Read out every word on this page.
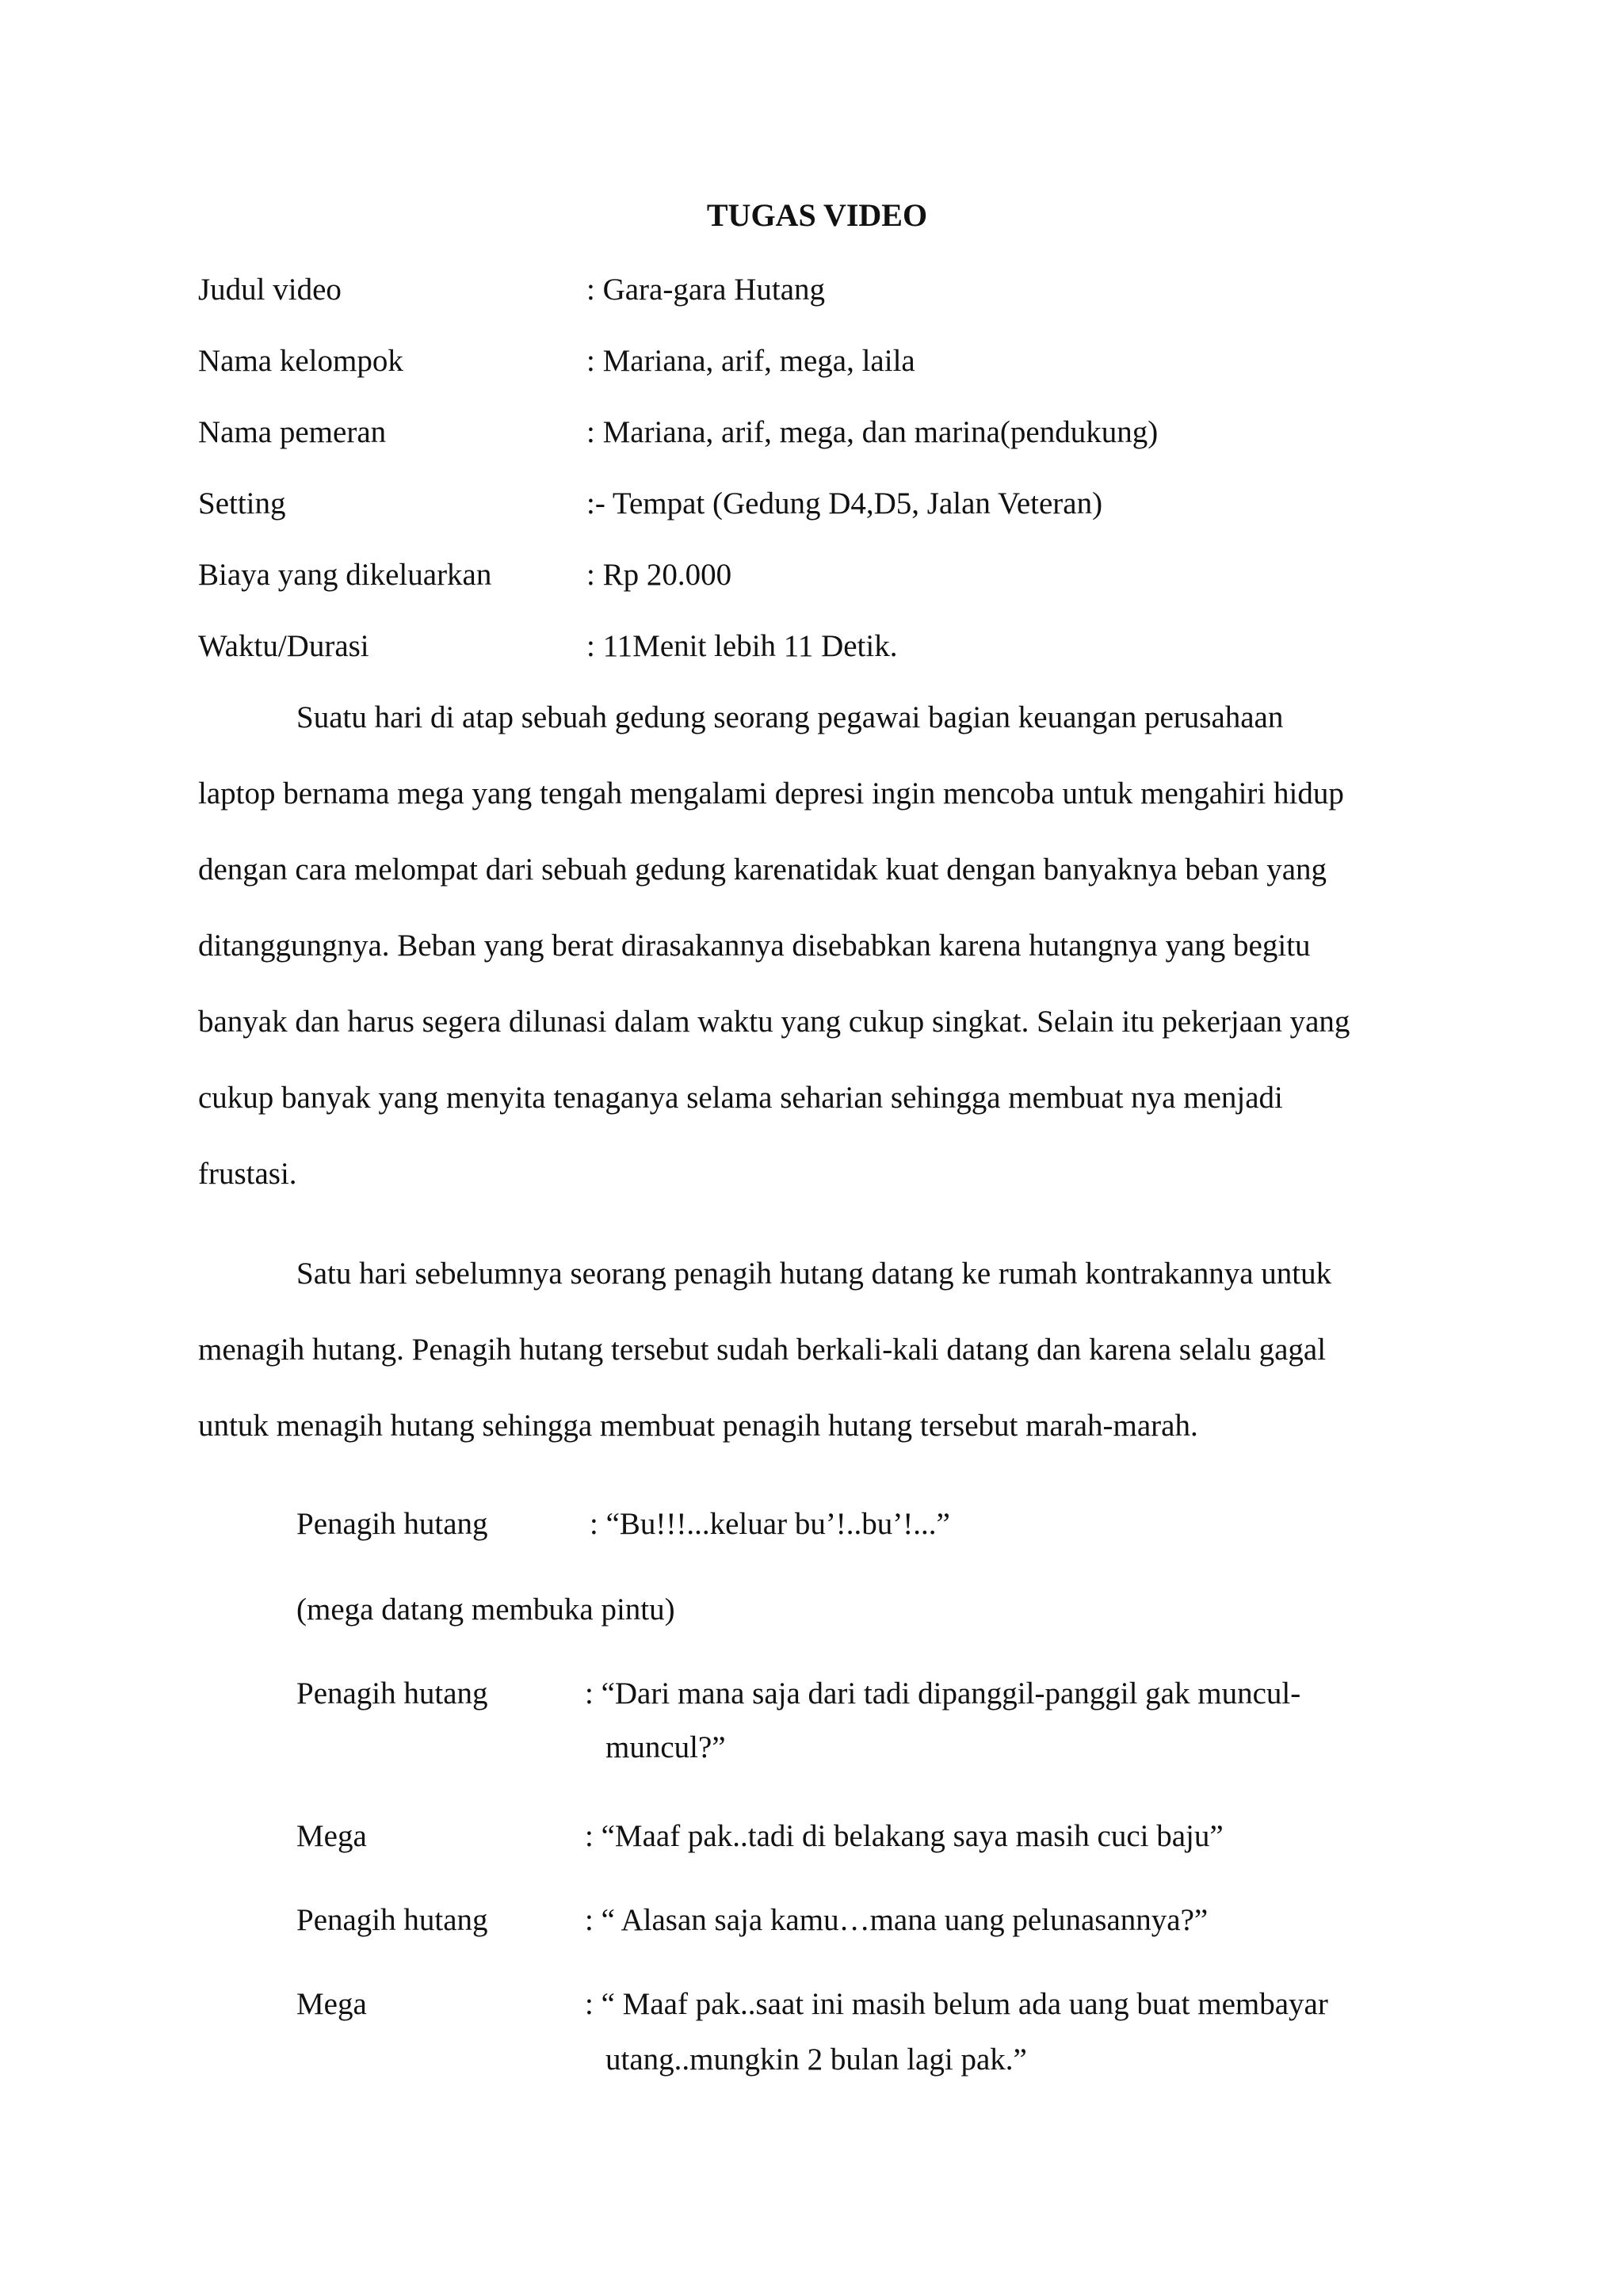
TUGAS VIDEO
Judul video	: Gara-gara Hutang
Nama kelompok	: Mariana, arif, mega, laila
Nama pemeran	: Mariana, arif, mega, dan marina(pendukung)
Setting	:- Tempat (Gedung D4,D5, Jalan Veteran)
Biaya yang dikeluarkan	: Rp 20.000
Waktu/Durasi	: 11Menit lebih 11 Detik.
Suatu hari di atap sebuah gedung seorang pegawai bagian keuangan perusahaan
laptop bernama mega yang tengah mengalami depresi ingin mencoba untuk mengahiri hidup
dengan cara melompat dari sebuah gedung karenatidak kuat dengan banyaknya beban yang
ditanggungnya. Beban yang berat dirasakannya disebabkan karena hutangnya yang begitu
banyak dan harus segera dilunasi dalam waktu yang cukup singkat. Selain itu pekerjaan yang
cukup banyak yang menyita tenaganya selama seharian sehingga membuat nya menjadi
frustasi.
Satu hari sebelumnya seorang penagih hutang datang ke rumah kontrakannya untuk
menagih hutang. Penagih hutang tersebut sudah berkali-kali datang dan karena selalu gagal
untuk menagih hutang sehingga membuat penagih hutang tersebut marah-marah.
Penagih hutang	: “Bu!!!...keluar bu’!..bu’!...”
(mega datang membuka pintu)
Penagih hutang	: “Dari mana saja dari tadi dipanggil-panggil gak muncul-
muncul?”
Mega	: “Maaf pak..tadi di belakang saya masih cuci baju”
Penagih hutang	: “ Alasan saja kamu…mana uang pelunasannya?”
Mega	: “ Maaf pak..saat ini masih belum ada uang buat membayar
utang..mungkin 2 bulan lagi pak.”
